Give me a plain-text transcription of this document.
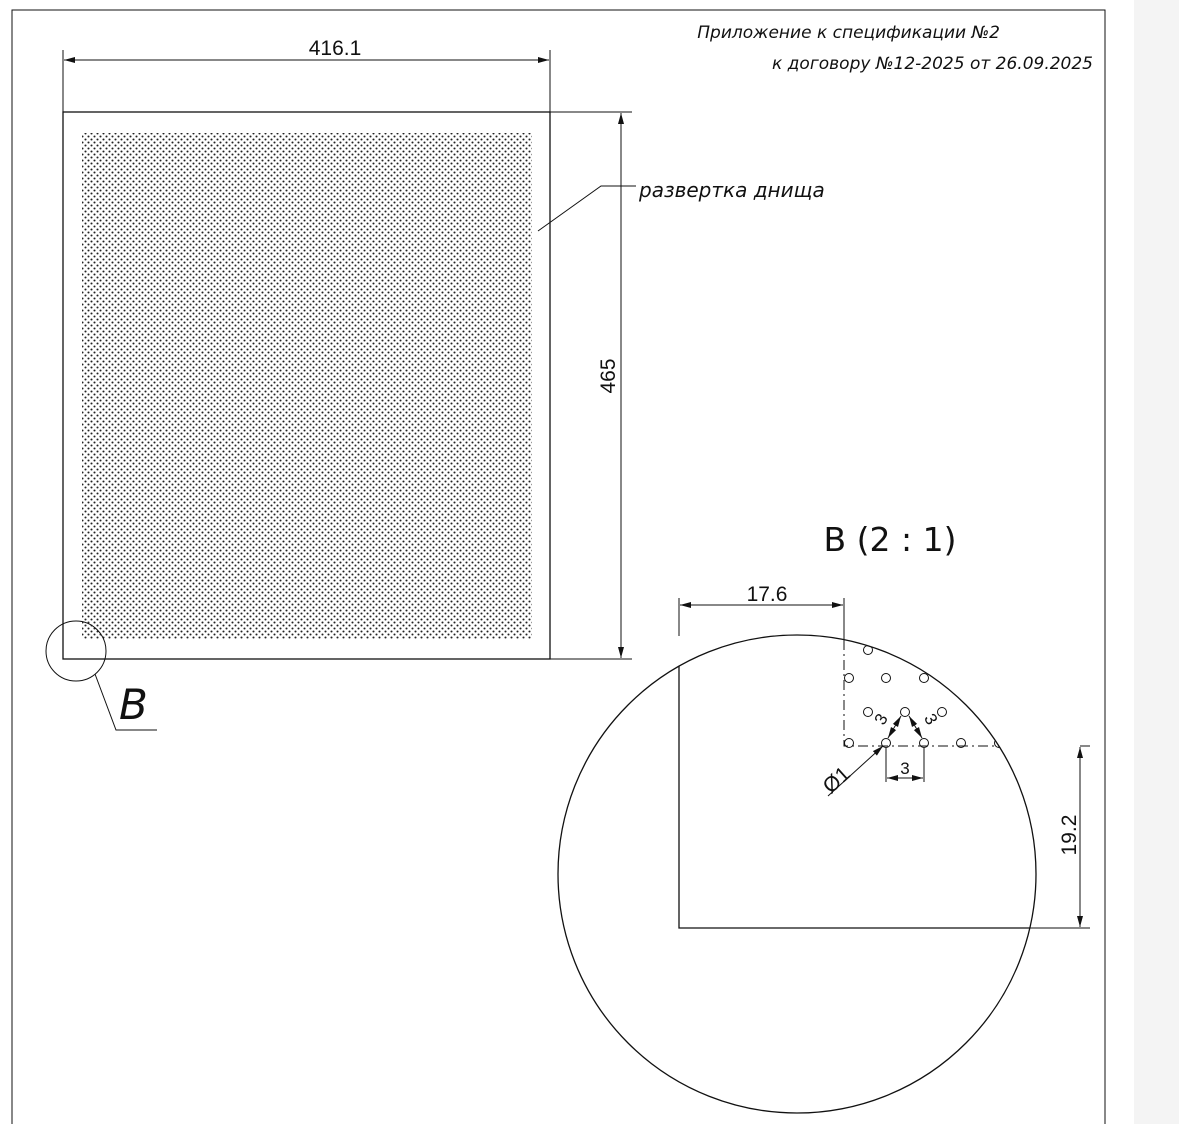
Приложение к спецификации №2
к договору №12-2025 от 26.09.2025
416.1
465
развертка днища
B
B (2 : 1)
17.6
19.2
3
3 3
Ø1
